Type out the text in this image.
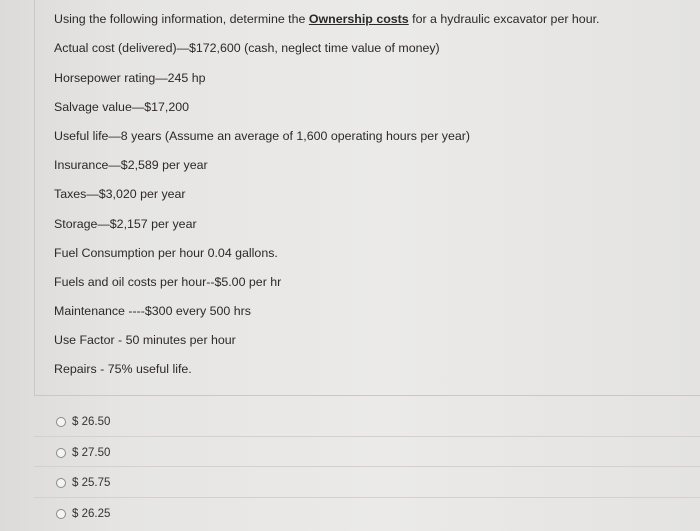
Using the following information, determine the Ownership costs for a hydraulic excavator per hour.
Actual cost (delivered)—$172,600 (cash, neglect time value of money)
Horsepower rating—245 hp
Salvage value—$17,200
Useful life—8 years (Assume an average of 1,600 operating hours per year)
Insurance—$2,589 per year
Taxes—$3,020 per year
Storage—$2,157 per year
Fuel Consumption per hour 0.04 gallons.
Fuels and oil costs per hour--$5.00 per hr
Maintenance ----$300 every 500 hrs
Use Factor - 50 minutes per hour
Repairs - 75% useful life.
$ 26.50
$ 27.50
$ 25.75
$ 26.25
